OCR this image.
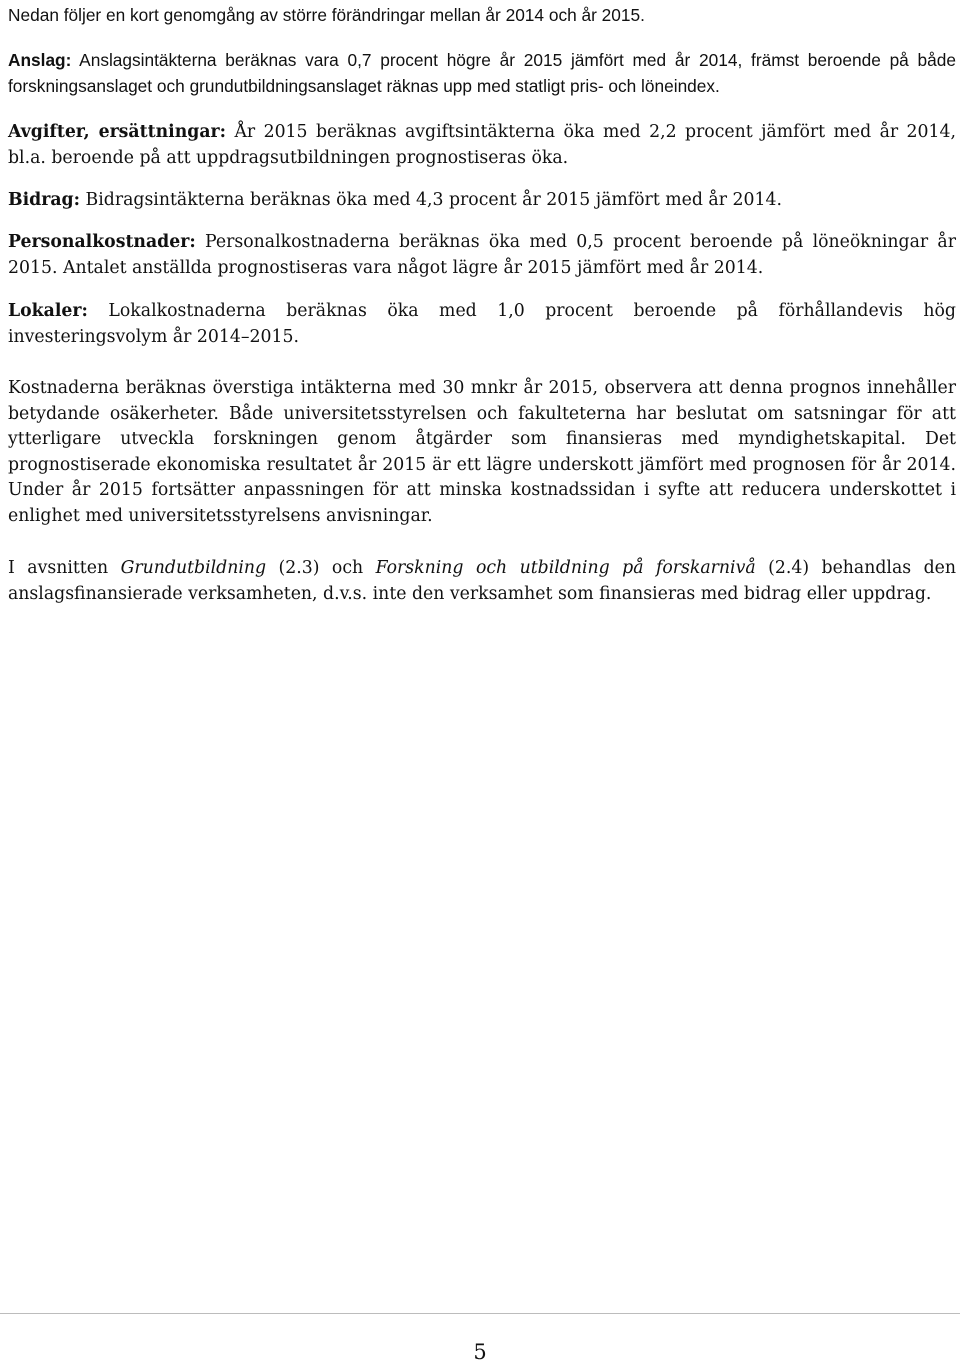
Nedan följer en kort genomgång av större förändringar mellan år 2014 och år 2015.

Anslag: Anslagsintäkterna beräknas vara 0,7 procent högre år 2015 jämfört med år 2014, främst beroende på både forskningsanslaget och grundutbildningsanslaget räknas upp med statligt pris- och löneindex.

Avgifter, ersättningar: År 2015 beräknas avgiftsintäkterna öka med 2,2 procent jämfört med år 2014, bl.a. beroende på att uppdragsutbildningen prognostiseras öka.

Bidrag: Bidragsintäkterna beräknas öka med 4,3 procent år 2015 jämfört med år 2014.

Personalkostnader: Personalkostnaderna beräknas öka med 0,5 procent beroende på löneökningar år 2015. Antalet anställda prognostiseras vara något lägre år 2015 jämfört med år 2014.

Lokaler: Lokalkostnaderna beräknas öka med 1,0 procent beroende på förhållandevis hög investeringsvolym år 2014–2015.

Kostnaderna beräknas överstiga intäkterna med 30 mnkr år 2015, observera att denna prognos innehåller betydande osäkerheter. Både universitetsstyrelsen och fakulteterna har beslutat om satsningar för att ytterligare utveckla forskningen genom åtgärder som finansieras med myndighetskapital. Det prognostiserade ekonomiska resultatet år 2015 är ett lägre underskott jämfört med prognosen för år 2014. Under år 2015 fortsätter anpassningen för att minska kostnadssidan i syfte att reducera underskottet i enlighet med universitetsstyrelsens anvisningar.

I avsnitten Grundutbildning (2.3) och Forskning och utbildning på forskarnivå (2.4) behandlas den anslagsfinansierade verksamheten, d.v.s. inte den verksamhet som finansieras med bidrag eller uppdrag.

5
